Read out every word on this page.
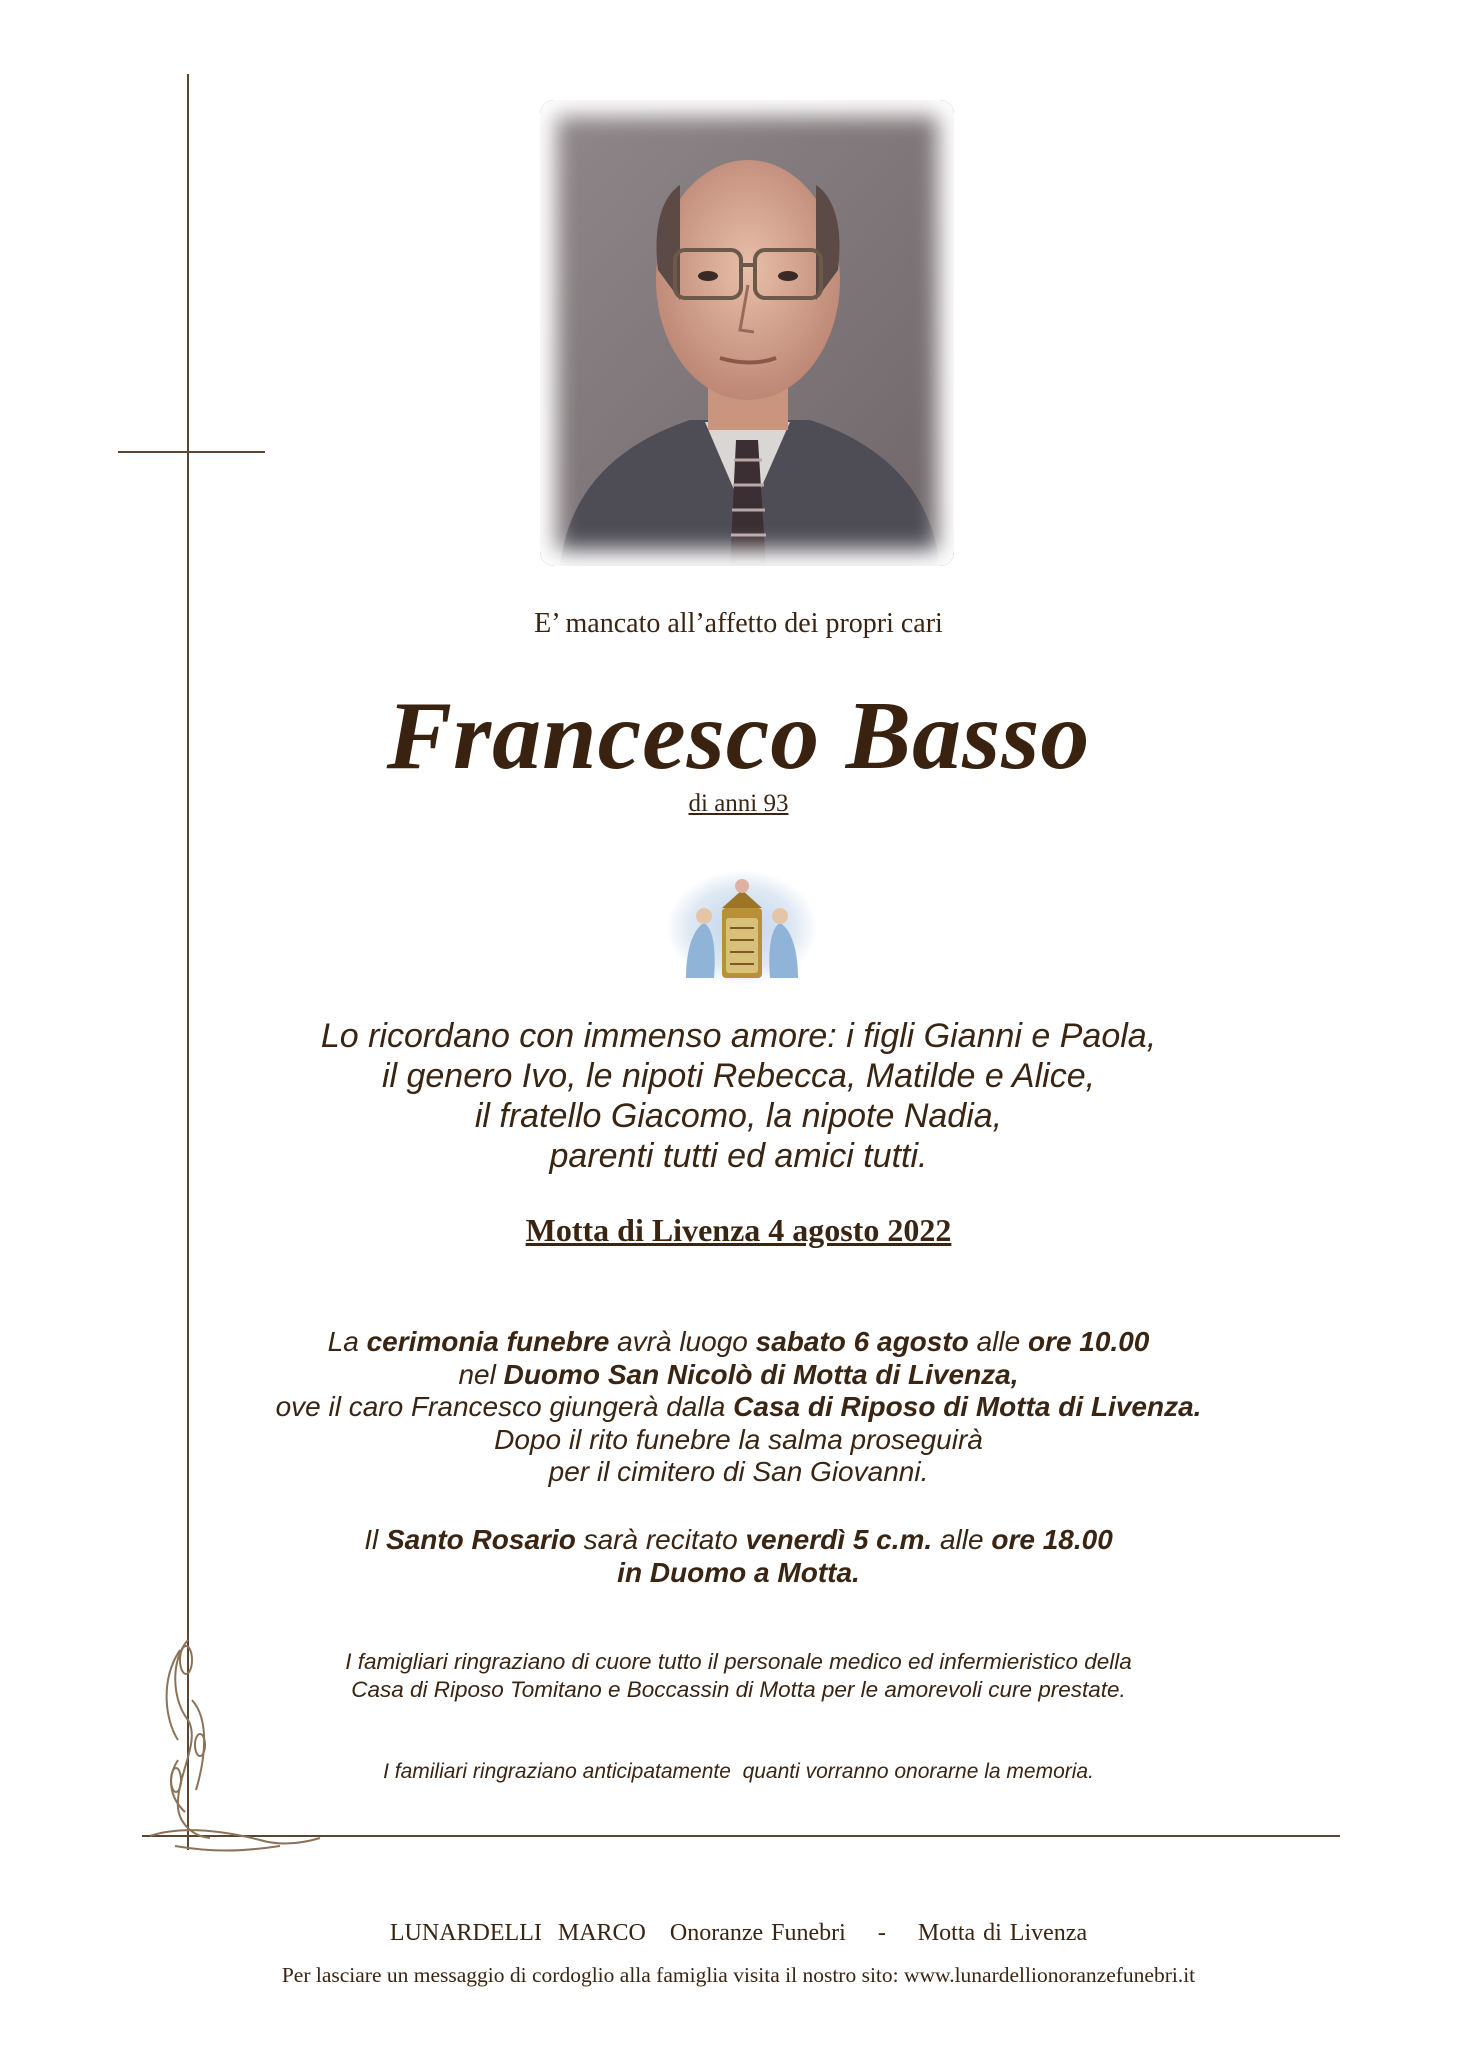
E’ mancato all’affetto dei propri cari
Francesco Basso
di anni 93
Lo ricordano con immenso amore: i figli Gianni e Paola,
il genero Ivo, le nipoti Rebecca, Matilde e Alice,
il fratello Giacomo, la nipote Nadia,
parenti tutti ed amici tutti.
Motta di Livenza 4 agosto 2022
La cerimonia funebre avrà luogo sabato 6 agosto alle ore 10.00
nel Duomo San Nicolò di Motta di Livenza,
ove il caro Francesco giungerà dalla Casa di Riposo di Motta di Livenza.
Dopo il rito funebre la salma proseguirà
per il cimitero di San Giovanni.
Il Santo Rosario sarà recitato venerdì 5 c.m. alle ore 18.00
in Duomo a Motta.
I famigliari ringraziano di cuore tutto il personale medico ed infermieristico della
Casa di Riposo Tomitano e Boccassin di Motta per le amorevoli cure prestate.
I familiari ringraziano anticipatamente  quanti vorranno onorarne la memoria.
LUNARDELLI  MARCO   Onoranze Funebri    -    Motta di Livenza
Per lasciare un messaggio di cordoglio alla famiglia visita il nostro sito: www.lunardellionoranzefunebri.it
